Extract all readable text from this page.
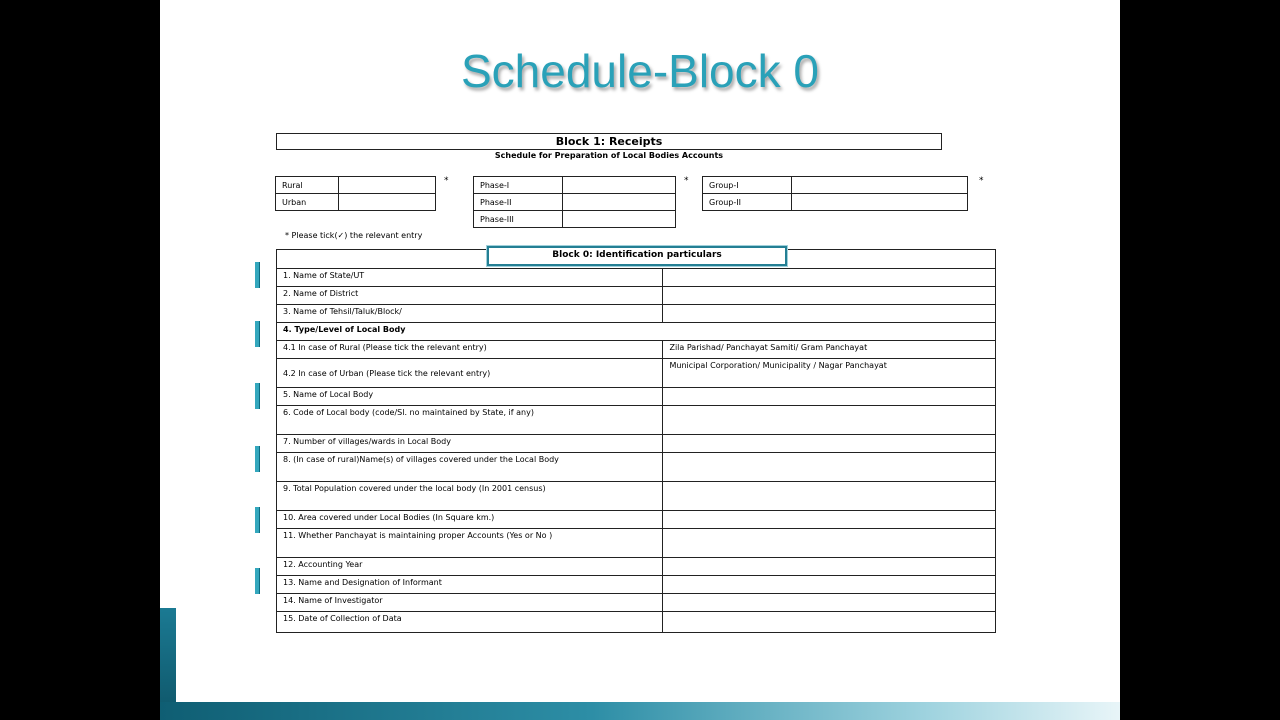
Schedule-Block 0
Block 1: Receipts
Schedule for Preparation of Local Bodies Accounts
Rural	
Urban	
*	Phase-I	
Phase-II	
Phase-III	
*	Group-I	
Group-II	
*
* Please tick(✓) the relevant entry

1. Name of State/UT	
2. Name of District	
3. Name of Tehsil/Taluk/Block/	
4. Type/Level of Local Body	
4.1 In case of Rural (Please tick the relevant entry)	Zila Parishad/ Panchayat Samiti/ Gram Panchayat
4.2 In case of Urban (Please tick the relevant entry)	Municipal Corporation/ Municipality / Nagar Panchayat
5. Name of Local Body	
6. Code of Local body (code/Sl. no maintained by State, if any)	
7. Number of villages/wards in Local Body	
8. (In case of rural)Name(s) of villages covered under the Local Body	
9. Total Population covered under the local body (In 2001 census)	
10. Area covered under Local Bodies (In Square km.)	
11. Whether Panchayat is maintaining proper Accounts (Yes or No )	
12. Accounting Year	
13. Name and Designation of Informant	
14. Name of Investigator	
15. Date of Collection of Data	
Block 0: Identification particulars
